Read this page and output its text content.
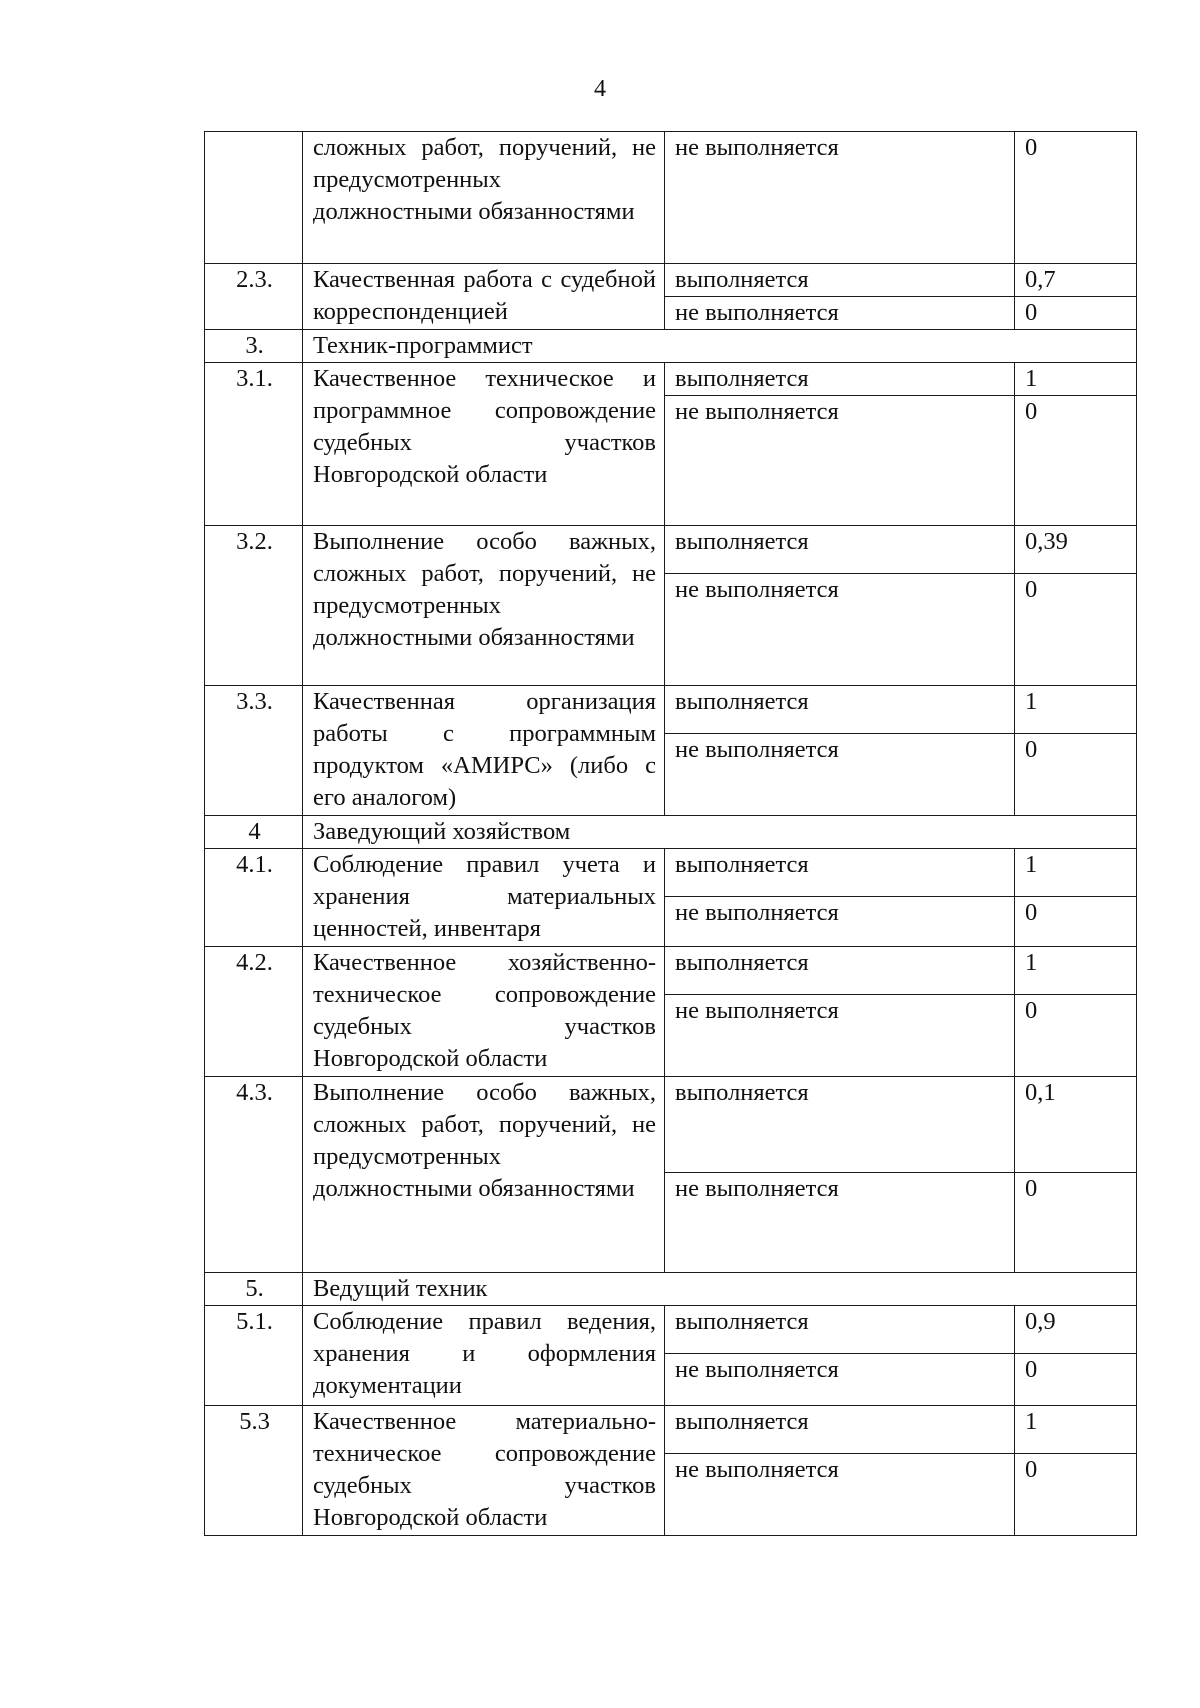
4
	сложных работ, поручений, не предусмотренных должностными обязанностями	не выполняется	0
2.3.	Качественная работа с судебной корреспонденцией	выполняется	0,7
		не выполняется	0
3.	Техник-программист		
3.1.	Качественное техническое и программное сопровождение судебных участков Новгородской области	выполняется	1
		не выполняется	0
3.2.	Выполнение особо важных, сложных работ, поручений, не предусмотренных должностными обязанностями	выполняется	0,39
		не выполняется	0
3.3.	Качественная организация работы с программным продуктом «АМИРС» (либо с его аналогом)	выполняется	1
		не выполняется	0
4	Заведующий хозяйством		
4.1.	Соблюдение правил учета и хранения материальных ценностей, инвентаря	выполняется	1
		не выполняется	0
4.2.	Качественное хозяйственно-техническое сопровождение судебных участков Новгородской области	выполняется	1
		не выполняется	0
4.3.	Выполнение особо важных, сложных работ, поручений, не предусмотренных должностными обязанностями	выполняется	0,1
		не выполняется	0
5.	Ведущий техник		
5.1.	Соблюдение правил ведения, хранения и оформления документации	выполняется	0,9
		не выполняется	0
5.3	Качественное материально-техническое сопровождение судебных участков Новгородской области	выполняется	1
		не выполняется	0
